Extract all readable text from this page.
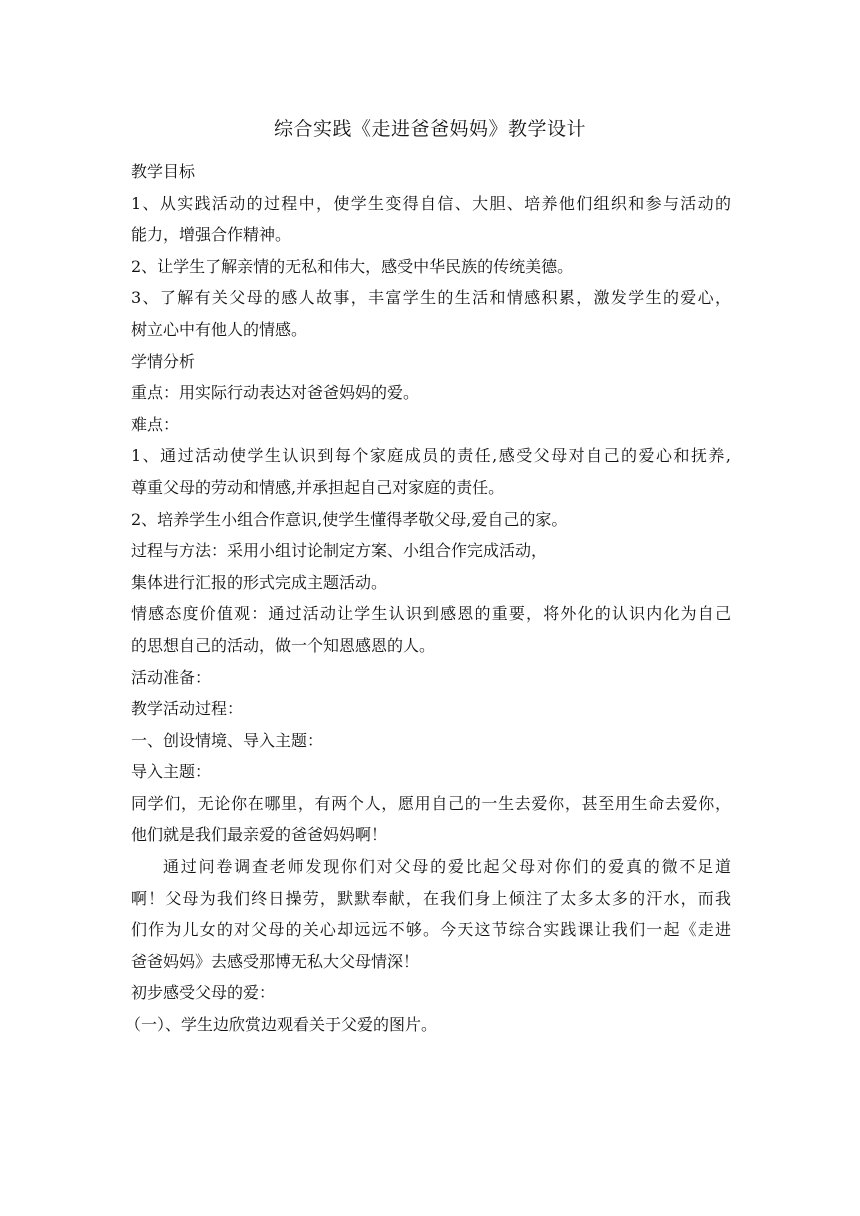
综合实践《走进爸爸妈妈》教学设计
教学目标
1、从实践活动的过程中，使学生变得自信、大胆、培养他们组织和参与活动的
能力，增强合作精神。
2、让学生了解亲情的无私和伟大，感受中华民族的传统美德。
3、了解有关父母的感人故事，丰富学生的生活和情感积累，激发学生的爱心，
树立心中有他人的情感。
学情分析
重点：用实际行动表达对爸爸妈妈的爱。
难点：
1、通过活动使学生认识到每个家庭成员的责任,感受父母对自己的爱心和抚养,
尊重父母的劳动和情感,并承担起自己对家庭的责任。
2、培养学生小组合作意识,使学生懂得孝敬父母,爱自己的家。
过程与方法：采用小组讨论制定方案、小组合作完成活动，
集体进行汇报的形式完成主题活动。
情感态度价值观：通过活动让学生认识到感恩的重要，将外化的认识内化为自己
的思想自己的活动，做一个知恩感恩的人。
活动准备：
教学活动过程：
一、创设情境、导入主题：
导入主题：
同学们，无论你在哪里，有两个人，愿用自己的一生去爱你，甚至用生命去爱你，
他们就是我们最亲爱的爸爸妈妈啊！
通过问卷调查老师发现你们对父母的爱比起父母对你们的爱真的微不足道
啊！父母为我们终日操劳，默默奉献，在我们身上倾注了太多太多的汗水，而我
们作为儿女的对父母的关心却远远不够。今天这节综合实践课让我们一起《走进
爸爸妈妈》去感受那博无私大父母情深！
初步感受父母的爱：
（一）、学生边欣赏边观看关于父爱的图片。
